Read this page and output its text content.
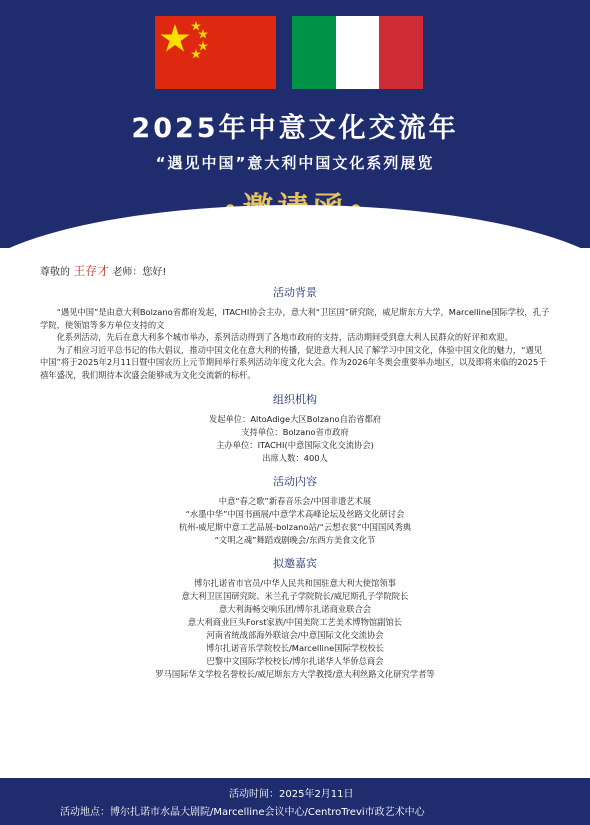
2025年中意文化交流年
“遇见中国”意大利中国文化系列展览
尊敬的 王存才 老师：您好!
活动背景

“遇见中国”是由意大利Bolzano省都府发起，ITACHI协会主办，意大利“卫匡国”研究院，威尼斯东方大学，Marcelline国际学校，孔子学院，使领馆等多方单位支持的文

化系列活动，先后在意大利多个城市举办，系列活动得到了各地市政府的支持，活动期间受到意大利人民群众的好评和欢迎。

为了相应习近平总书记的伟大倡议，推动中国文化在意大利的传播，促进意大利人民了解学习中国文化，体验中国文化的魅力，“遇见中国”将于2025年2月11日暨中国农历上元节期间举行系列活动年度文化大会。作为2026年冬奥会重要举办地区，以及即将来临的2025千禧年盛况，我们期待本次盛会能够成为文化交流新的标杆。

组织机构
发起单位：AltoAdige大区Bolzano自治省都府
支持单位：Bolzano省市政府
主办单位：ITACHI(中意国际文化交流协会)
出席人数：400人
活动内容
中意“春之歌”新春音乐会/中国非遗艺术展
“水墨中华”中国书画展/中意学术高峰论坛及丝路文化研讨会
杭州-威尼斯中意工艺品展-bolzano站/“云想衣裳”中国国风秀典
“文明之魂”舞蹈戏剧晚会/东西方美食文化节
拟邀嘉宾
博尔扎诺省市官员/中华人民共和国驻意大利大使馆领事
意大利卫匡国研究院、米兰孔子学院院长/威尼斯孔子学院院长
意大利海畅交响乐团/博尔扎诺商业联合会
意大利商业巨头Forst家族/中国美院工艺美术博物馆副馆长
河南省统战部海外联谊会/中意国际文化交流协会
博尔扎诺音乐学院校长/Marcelline国际学校校长
巴黎中文国际学校校长/博尔扎诺华人华侨总商会
罗马国际华文学校名誉校长/威尼斯东方大学教授/意大利丝路文化研究学者等
活动时间：2025年2月11日
活动地点：博尔扎诺市水晶大剧院/Marcelline会议中心/CentroTrevi市政艺术中心
